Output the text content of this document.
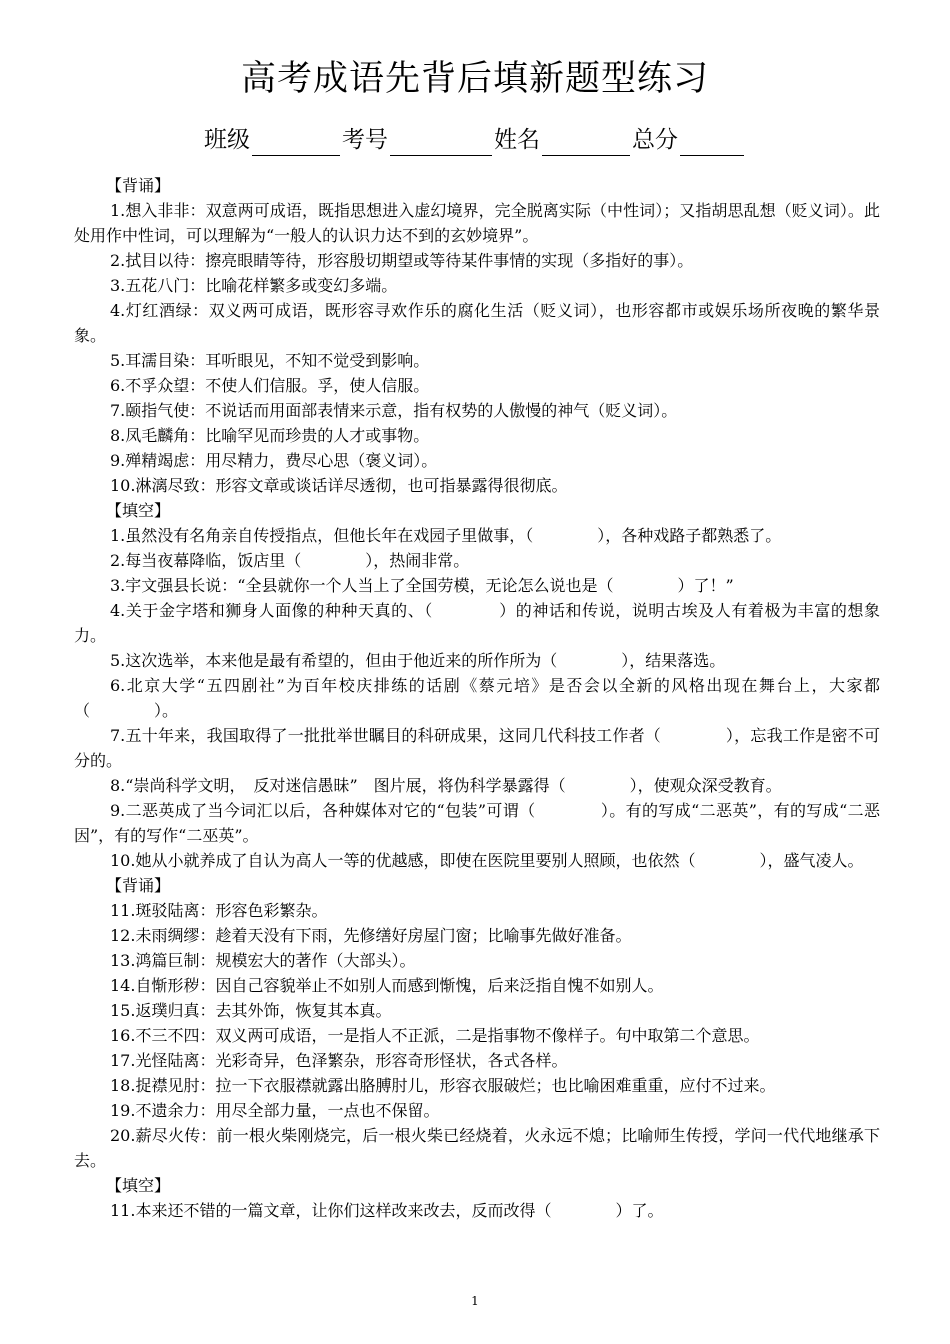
高考成语先背后填新题型练习
班级	考号	姓名	总分
【背诵】

1.想入非非：双意两可成语，既指思想进入虚幻境界，完全脱离实际（中性词）；又指胡思乱想（贬义词）。此处用作中性词，可以理解为“一般人的认识力达不到的玄妙境界”。

2.拭目以待：擦亮眼睛等待，形容殷切期望或等待某件事情的实现（多指好的事）。

3.五花八门：比喻花样繁多或变幻多端。

4.灯红酒绿：双义两可成语，既形容寻欢作乐的腐化生活（贬义词），也形容都市或娱乐场所夜晚的繁华景象。

5.耳濡目染：耳听眼见，不知不觉受到影响。

6.不孚众望：不使人们信服。孚，使人信服。

7.颐指气使：不说话而用面部表情来示意，指有权势的人傲慢的神气（贬义词）。

8.凤毛麟角：比喻罕见而珍贵的人才或事物。

9.殚精竭虑：用尽精力，费尽心思（褒义词）。

10.淋漓尽致：形容文章或谈话详尽透彻，也可指暴露得很彻底。

【填空】

1.虽然没有名角亲自传授指点，但他长年在戏园子里做事，（　　　　），各种戏路子都熟悉了。

2.每当夜幕降临，饭店里（　　　　），热闹非常。

3.宇文强县长说：“全县就你一个人当上了全国劳模，无论怎么说也是（　　　　）了！”

4.关于金字塔和狮身人面像的种种天真的、（　　　　）的神话和传说，说明古埃及人有着极为丰富的想象力。

5.这次选举，本来他是最有希望的，但由于他近来的所作所为（　　　　），结果落选。

6.北京大学“五四剧社”为百年校庆排练的话剧《蔡元培》是否会以全新的风格出现在舞台上，大家都（　　　　）。

7.五十年来，我国取得了一批批举世瞩目的科研成果，这同几代科技工作者（　　　　），忘我工作是密不可分的。

8.“崇尚科学文明，　反对迷信愚昧”　图片展，将伪科学暴露得（　　　　），使观众深受教育。

9.二恶英成了当今词汇以后，各种媒体对它的“包装”可谓（　　　　）。有的写成“二恶英”，有的写成“二恶因”，有的写作“二巫英”。

10.她从小就养成了自认为高人一等的优越感，即使在医院里要别人照顾，也依然（　　　　），盛气凌人。

【背诵】

11.斑驳陆离：形容色彩繁杂。

12.未雨绸缪：趁着天没有下雨，先修缮好房屋门窗；比喻事先做好准备。

13.鸿篇巨制：规模宏大的著作（大部头）。

14.自惭形秽：因自己容貌举止不如别人而感到惭愧，后来泛指自愧不如别人。

15.返璞归真：去其外饰，恢复其本真。

16.不三不四：双义两可成语，一是指人不正派，二是指事物不像样子。句中取第二个意思。

17.光怪陆离：光彩奇异，色泽繁杂，形容奇形怪状，各式各样。

18.捉襟见肘：拉一下衣服襟就露出胳膊肘儿，形容衣服破烂；也比喻困难重重，应付不过来。

19.不遗余力：用尽全部力量，一点也不保留。

20.薪尽火传：前一根火柴刚烧完，后一根火柴已经烧着，火永远不熄；比喻师生传授，学问一代代地继承下去。

【填空】

11.本来还不错的一篇文章，让你们这样改来改去，反而改得（　　　　）了。

1
